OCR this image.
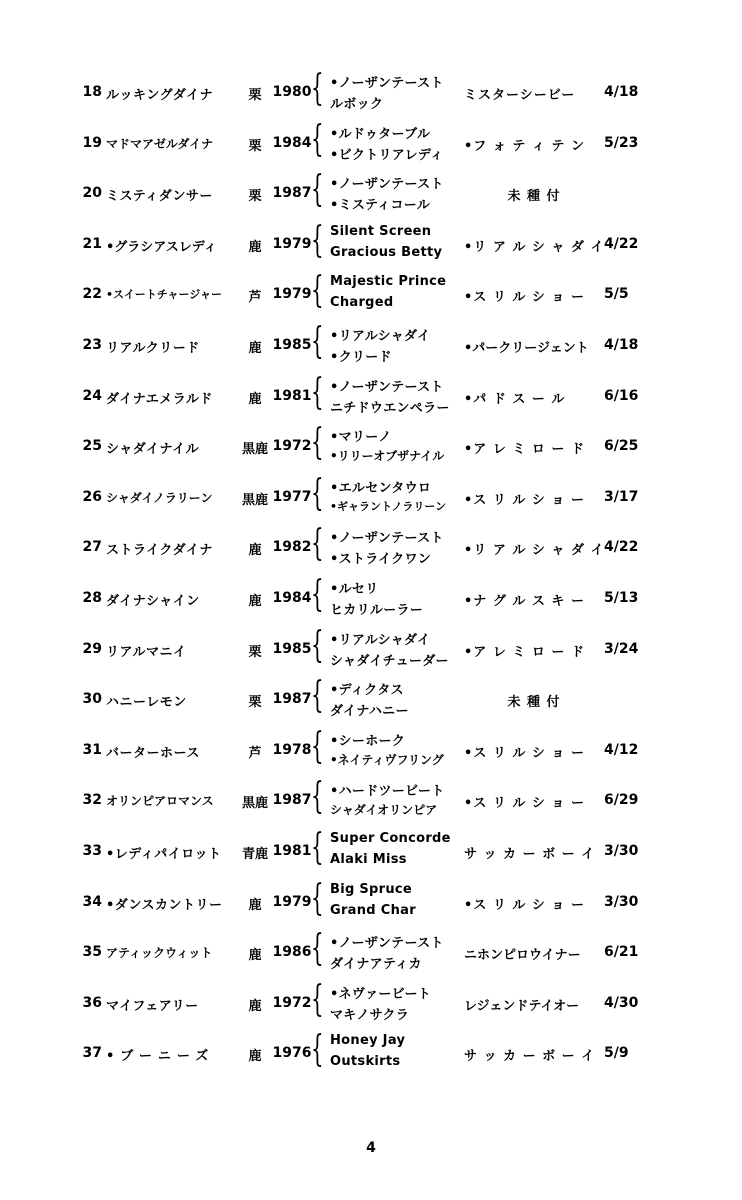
18 ルッキングダイナ	栗 1980 { •ノーザンテースト
ルボック
ミスターシービー	4/18
19 マドマアゼルダイナ	栗 1984 { •ルドゥターブル
•ビクトリアレディ
•フ ォ テ ィ テ ン	5/23
20 ミスティダンサー	栗 1987 { •ノーザンテースト
•ミスティコール
未 種 付
21 •グラシアスレディ	鹿 1979 { Silent Screen
Gracious Betty	•リ ア ル シ ャ ダ イ 4/22
22 •スイートチャージャー	芦 1979 { Majestic Prince
Charged	•ス リ ル シ ョ ー	5/5
23 リアルクリード	鹿 1985 { •リアルシャダイ
•クリード
•パークリージェント	4/18
24 ダイナエメラルド	鹿 1981 { •ノーザンテースト
ニチドウエンペラー
•パ ド ス ー ル	6/16
25 シャダイナイル	黒鹿 1972 { •マリーノ
•リリーオブザナイル	•ア レ ミ ロ ー ド	6/25
26 シャダイノラリーン	黒鹿 1977 { •エルセンタウロ
•ギャラントノラリーン	•ス リ ル シ ョ ー	3/17
27 ストライクダイナ	鹿 1982 { •ノーザンテースト
•ストライクワン
•リ ア ル シ ャ ダ イ 4/22
28 ダイナシャイン	鹿 1984 { •ルセリ
ヒカリルーラー
•ナ グ ル ス キ ー	5/13
29 リアルマニイ	栗 1985 { •リアルシャダイ
シャダイチューダー
•ア レ ミ ロ ー ド	3/24
30 ハニーレモン	栗 1987 { •ディクタス
ダイナハニー
未 種 付
31 バーターホース	芦 1978 { •シーホーク
•ネイティヴフリング	•ス リ ル シ ョ ー	4/12
32 オリンピアロマンス	黒鹿 1987 { •ハードツービート
シャダイオリンピア	•ス リ ル シ ョ ー	6/29
33 •レディパイロット	青鹿 1981 { Super Concorde
Alaki Miss	サ ッ カ ー ボ ー イ 3/30
34 •ダンスカントリー	鹿 1979 { Big Spruce
Grand Char	•ス リ ル シ ョ ー	3/30
35 アティックウィット	鹿 1986 { •ノーザンテースト
ダイナアティカ
ニホンピロウイナー	6/21
36 マイフェアリー	鹿 1972 { •ネヴァービート
マキノサクラ
レジェンドテイオー	4/30
37 •ブーニーズ	鹿 1976 { Honey Jay
Outskirts	サ ッ カ ー ボ ー イ 5/9
4
